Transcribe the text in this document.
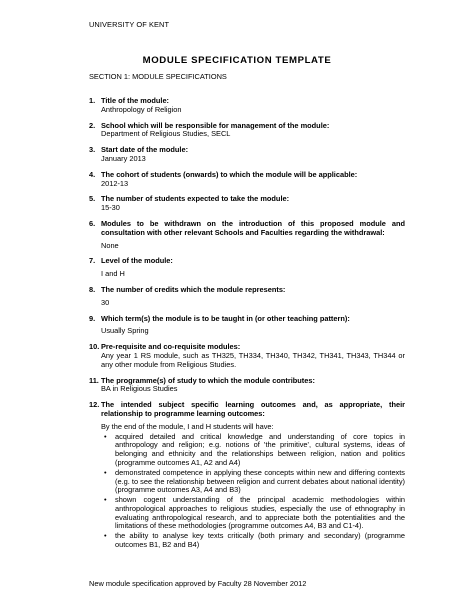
UNIVERSITY OF KENT
MODULE SPECIFICATION TEMPLATE
SECTION 1: MODULE SPECIFICATIONS
1. Title of the module:
Anthropology of Religion
2. School which will be responsible for management of the module:
Department of Religious Studies, SECL
3. Start date of the module:
January 2013
4. The cohort of students (onwards) to which the module will be applicable:
2012-13
5. The number of students expected to take the module:
15-30
6. Modules to be withdrawn on the introduction of this proposed module and consultation with other relevant Schools and Faculties regarding the withdrawal:
None
7. Level of the module:
I and H
8. The number of credits which the module represents:
30
9. Which term(s) the module is to be taught in (or other teaching pattern):
Usually Spring
10. Pre-requisite and co-requisite modules:
Any year 1 RS module, such as TH325, TH334, TH340, TH342, TH341, TH343, TH344 or any other module from Religious Studies.
11. The programme(s) of study to which the module contributes:
BA in Religious Studies
12. The intended subject specific learning outcomes and, as appropriate, their relationship to programme learning outcomes:
By the end of the module, I and H students will have:
• acquired detailed and critical knowledge and understanding of core topics in anthropology and religion; e.g. notions of 'the primitive', cultural systems, ideas of belonging and ethnicity and the relationships between religion, nation and politics (programme outcomes A1, A2 and A4)
• demonstrated competence in applying these concepts within new and differing contexts (e.g. to see the relationship between religion and current debates about national identity) (programme outcomes A3, A4 and B3)
• shown cogent understanding of the principal academic methodologies within anthropological approaches to religious studies, especially the use of ethnography in evaluating anthropological research, and to appreciate both the potentialities and the limitations of these methodologies (programme outcomes A4, B3 and C1-4).
• the ability to analyse key texts critically (both primary and secondary) (programme outcomes B1, B2 and B4)
New module specification approved by Faculty 28 November 2012
